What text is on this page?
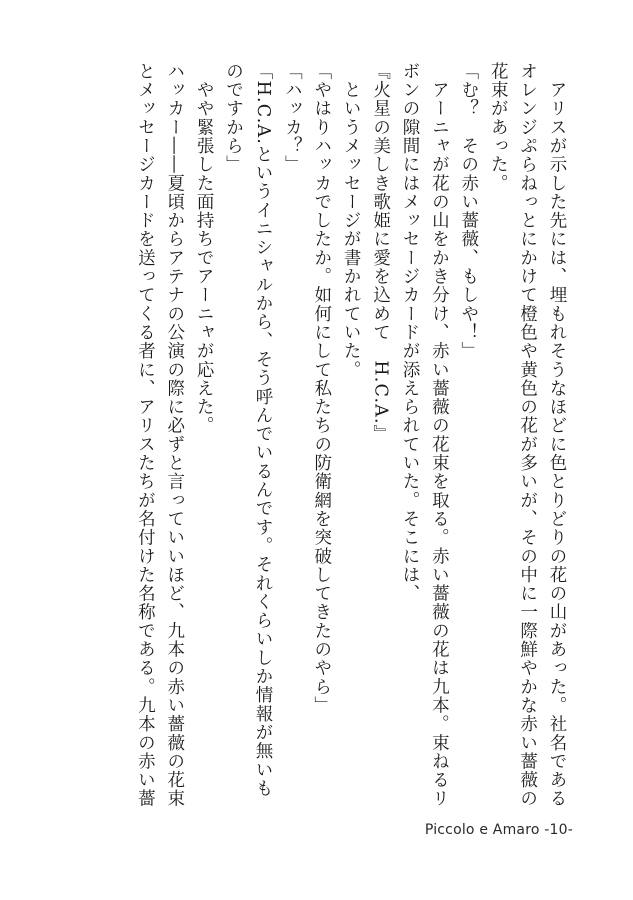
　アリスが示した先には、埋もれそうなほどに色とりどりの花の山があった。社名である
オレンジぷらねっとにかけて橙色や黄色の花が多いが、その中に一際鮮やかな赤い薔薇の
花束があった。
「む？　その赤い薔薇、もしや！」
　アーニャが花の山をかき分け、赤い薔薇の花束を取る。赤い薔薇の花は九本。束ねるリ
ボンの隙間にはメッセージカードが添えられていた。そこには、
『火星の美しき歌姫に愛を込めて　H.C.A.』
　というメッセージが書かれていた。
「やはりハッカでしたか。如何にして私たちの防衛網を突破してきたのやら」
「ハッカ？」
「H.C.A.というイニシャルから、そう呼んでいるんです。それくらいしか情報が無いも
のですから」
　やや緊張した面持ちでアーニャが応えた。
ハッカー――夏頃からアテナの公演の際に必ずと言っていいほど、九本の赤い薔薇の花束
とメッセージカードを送ってくる者に、アリスたちが名付けた名称である。九本の赤い薔
Piccolo e Amaro -10-
